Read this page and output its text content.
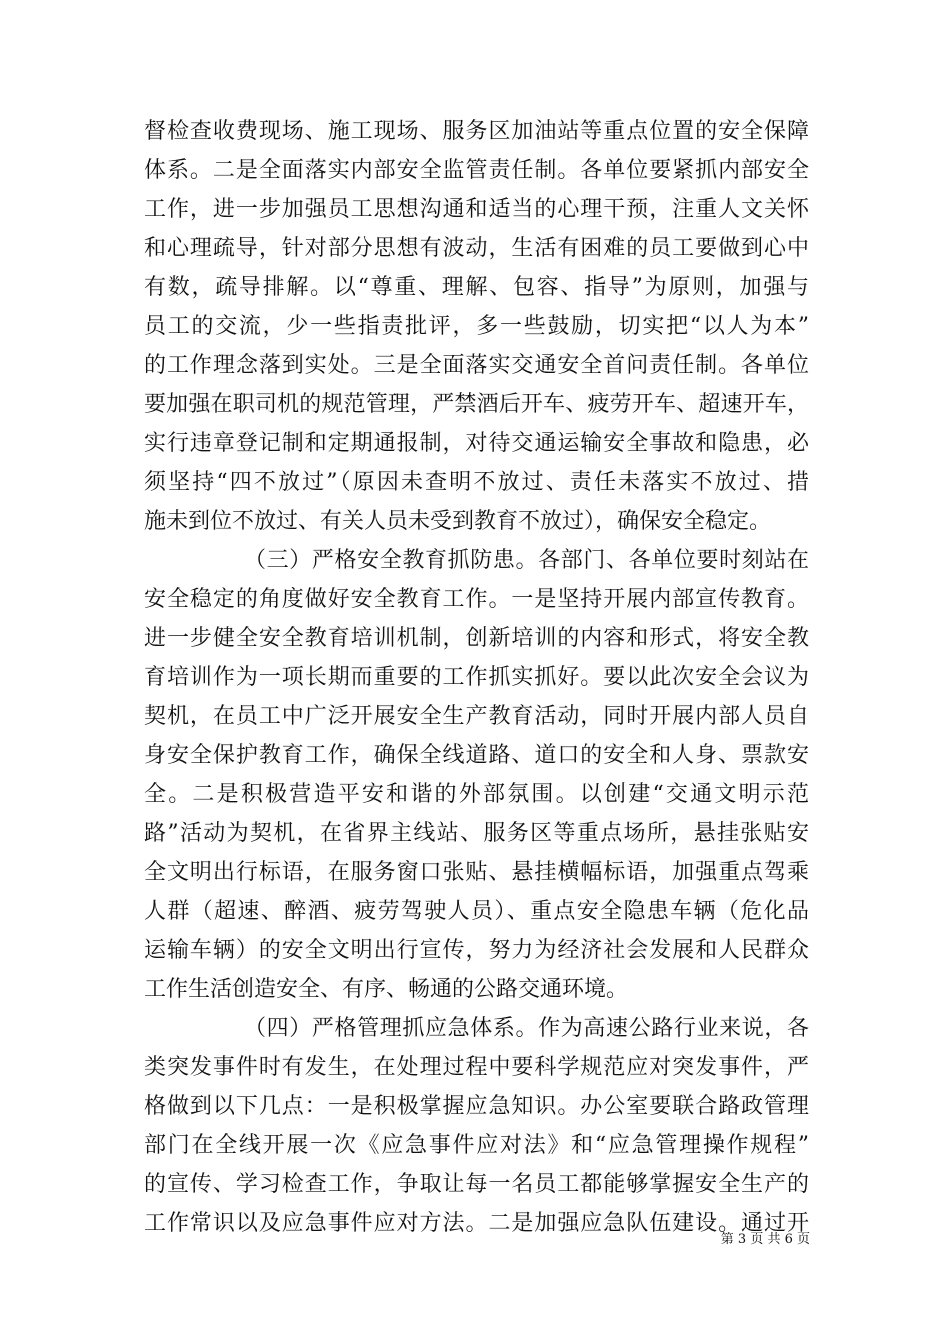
督检查收费现场、施工现场、服务区加油站等重点位置的安全保障
体系。二是全面落实内部安全监管责任制。各单位要紧抓内部安全
工作，进一步加强员工思想沟通和适当的心理干预，注重人文关怀
和心理疏导，针对部分思想有波动，生活有困难的员工要做到心中
有数，疏导排解。以“尊重、理解、包容、指导”为原则，加强与
员工的交流，少一些指责批评，多一些鼓励，切实把“以人为本”
的工作理念落到实处。三是全面落实交通安全首问责任制。各单位
要加强在职司机的规范管理，严禁酒后开车、疲劳开车、超速开车，
实行违章登记制和定期通报制，对待交通运输安全事故和隐患，必
须坚持“四不放过”（原因未查明不放过、责任未落实不放过、措
施未到位不放过、有关人员未受到教育不放过），确保安全稳定。
（三）严格安全教育抓防患。各部门、各单位要时刻站在
安全稳定的角度做好安全教育工作。一是坚持开展内部宣传教育。
进一步健全安全教育培训机制，创新培训的内容和形式，将安全教
育培训作为一项长期而重要的工作抓实抓好。要以此次安全会议为
契机，在员工中广泛开展安全生产教育活动，同时开展内部人员自
身安全保护教育工作，确保全线道路、道口的安全和人身、票款安
全。二是积极营造平安和谐的外部氛围。以创建“交通文明示范
路”活动为契机，在省界主线站、服务区等重点场所，悬挂张贴安
全文明出行标语，在服务窗口张贴、悬挂横幅标语，加强重点驾乘
人群（超速、醉酒、疲劳驾驶人员）、重点安全隐患车辆（危化品
运输车辆）的安全文明出行宣传，努力为经济社会发展和人民群众
工作生活创造安全、有序、畅通的公路交通环境。
（四）严格管理抓应急体系。作为高速公路行业来说，各
类突发事件时有发生，在处理过程中要科学规范应对突发事件，严
格做到以下几点：一是积极掌握应急知识。办公室要联合路政管理
部门在全线开展一次《应急事件应对法》和“应急管理操作规程”
的宣传、学习检查工作，争取让每一名员工都能够掌握安全生产的
工作常识以及应急事件应对方法。二是加强应急队伍建设。通过开
第 3 页 共 6 页
